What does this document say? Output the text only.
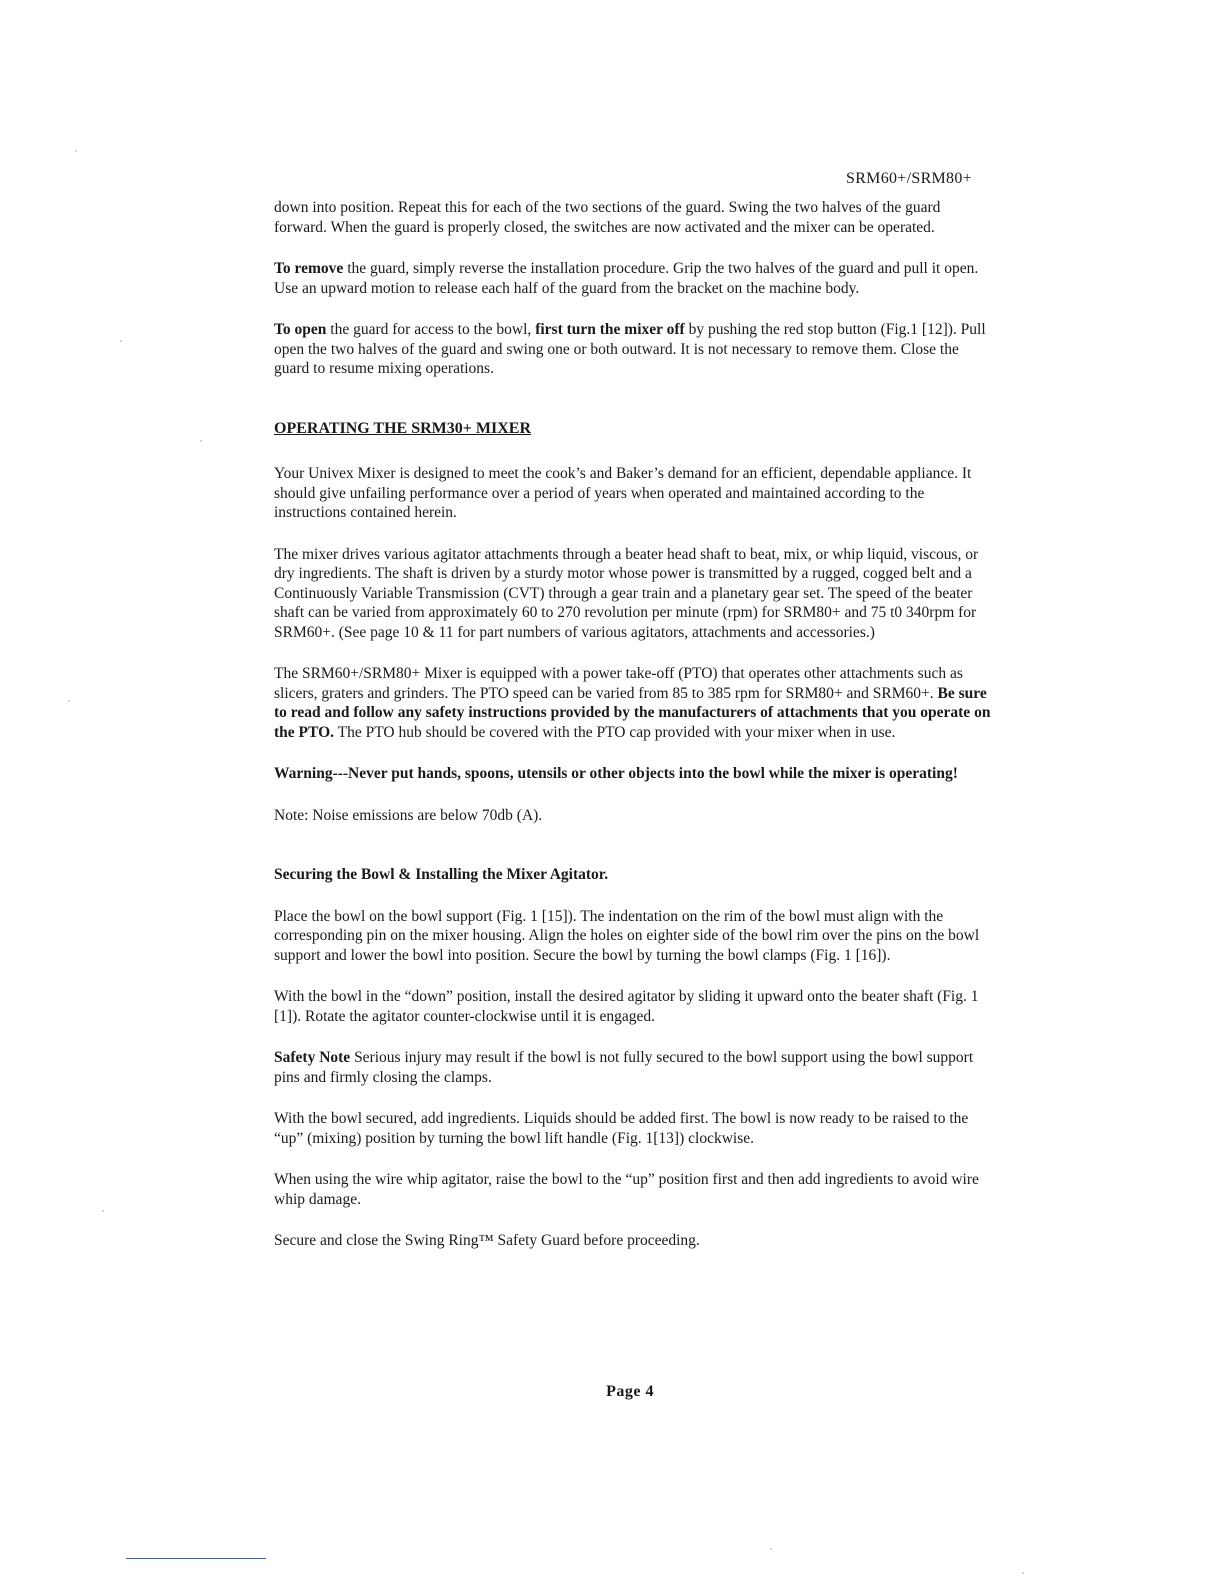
SRM60+/SRM80+

down into position. Repeat this for each of the two sections of the guard. Swing the two halves of the guard forward. When the guard is properly closed, the switches are now activated and the mixer can be operated.

To remove the guard, simply reverse the installation procedure. Grip the two halves of the guard and pull it open. Use an upward motion to release each half of the guard from the bracket on the machine body.

To open the guard for access to the bowl, first turn the mixer off by pushing the red stop button (Fig.1 [12]). Pull open the two halves of the guard and swing one or both outward. It is not necessary to remove them. Close the guard to resume mixing operations.

OPERATING THE SRM30+ MIXER

Your Univex Mixer is designed to meet the cook’s and Baker’s demand for an efficient, dependable appliance. It should give unfailing performance over a period of years when operated and maintained according to the instructions contained herein.

The mixer drives various agitator attachments through a beater head shaft to beat, mix, or whip liquid, viscous, or dry ingredients. The shaft is driven by a sturdy motor whose power is transmitted by a rugged, cogged belt and a Continuously Variable Transmission (CVT) through a gear train and a planetary gear set. The speed of the beater shaft can be varied from approximately 60 to 270 revolution per minute (rpm) for SRM80+ and 75 t0 340rpm for SRM60+. (See page 10 & 11 for part numbers of various agitators, attachments and accessories.)

The SRM60+/SRM80+ Mixer is equipped with a power take-off (PTO) that operates other attachments such as slicers, graters and grinders. The PTO speed can be varied from 85 to 385 rpm for SRM80+ and SRM60+. Be sure to read and follow any safety instructions provided by the manufacturers of attachments that you operate on the PTO. The PTO hub should be covered with the PTO cap provided with your mixer when in use.

Warning---Never put hands, spoons, utensils or other objects into the bowl while the mixer is operating!

Note: Noise emissions are below 70db (A).

Securing the Bowl & Installing the Mixer Agitator.

Place the bowl on the bowl support (Fig. 1 [15]). The indentation on the rim of the bowl must align with the corresponding pin on the mixer housing. Align the holes on eighter side of the bowl rim over the pins on the bowl support and lower the bowl into position. Secure the bowl by turning the bowl clamps (Fig. 1 [16]).

With the bowl in the “down” position, install the desired agitator by sliding it upward onto the beater shaft (Fig. 1 [1]). Rotate the agitator counter-clockwise until it is engaged.

Safety Note Serious injury may result if the bowl is not fully secured to the bowl support using the bowl support pins and firmly closing the clamps.

With the bowl secured, add ingredients. Liquids should be added first. The bowl is now ready to be raised to the “up” (mixing) position by turning the bowl lift handle (Fig. 1[13]) clockwise.

When using the wire whip agitator, raise the bowl to the “up” position first and then add ingredients to avoid wire whip damage.

Secure and close the Swing Ring™ Safety Guard before proceeding.

Page 4
